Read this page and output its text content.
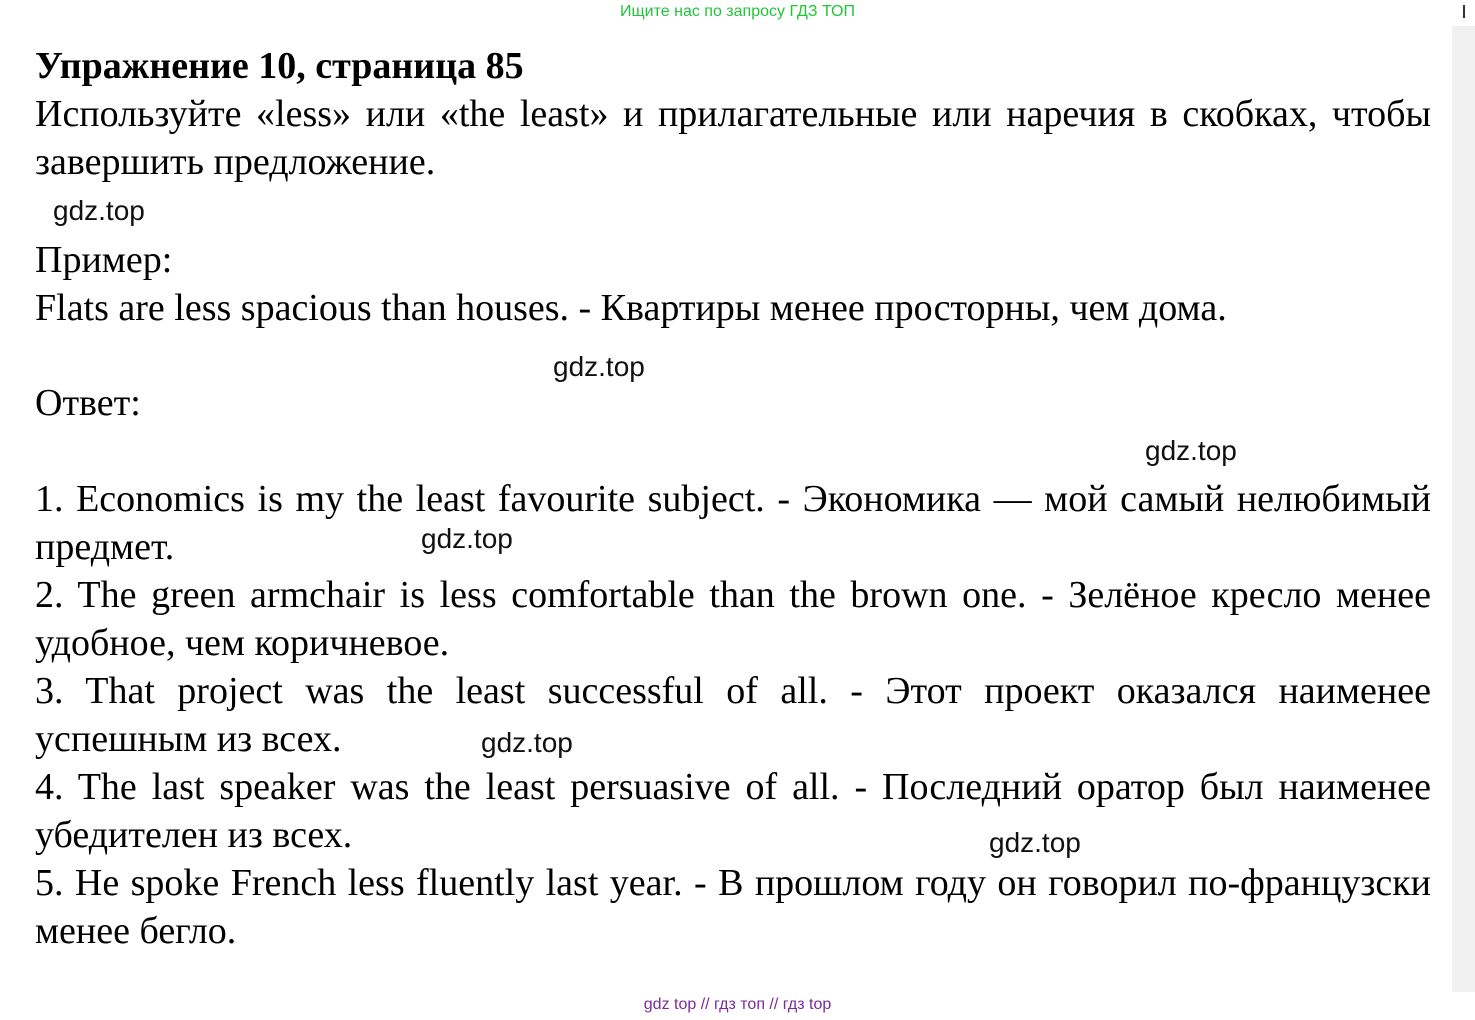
Ищите нас по запросу ГДЗ ТОП

Упражнение 10, страница 85

Используйте «less» или «the least» и прилагательные или наречия в скобках, чтобы завершить предложение.

Пример:

Flats are less spacious than houses. - Квартиры менее просторны, чем дома.

Ответ:

1. Economics is my the least favourite subject. - Экономика — мой самый нелюбимый предмет.

2. The green armchair is less comfortable than the brown one. - Зелёное кресло менее удобное, чем коричневое.

3. That project was the least successful of all. - Этот проект оказался наименее успешным из всех.

4. The last speaker was the least persuasive of all. - Последний оратор был наименее убедителен из всех.

5. He spoke French less fluently last year. - В прошлом году он говорил по-французски менее бегло.

gdz.top
gdz.top
gdz.top
gdz.top
gdz.top
gdz.top
gdz top // гдз топ // гдз top
